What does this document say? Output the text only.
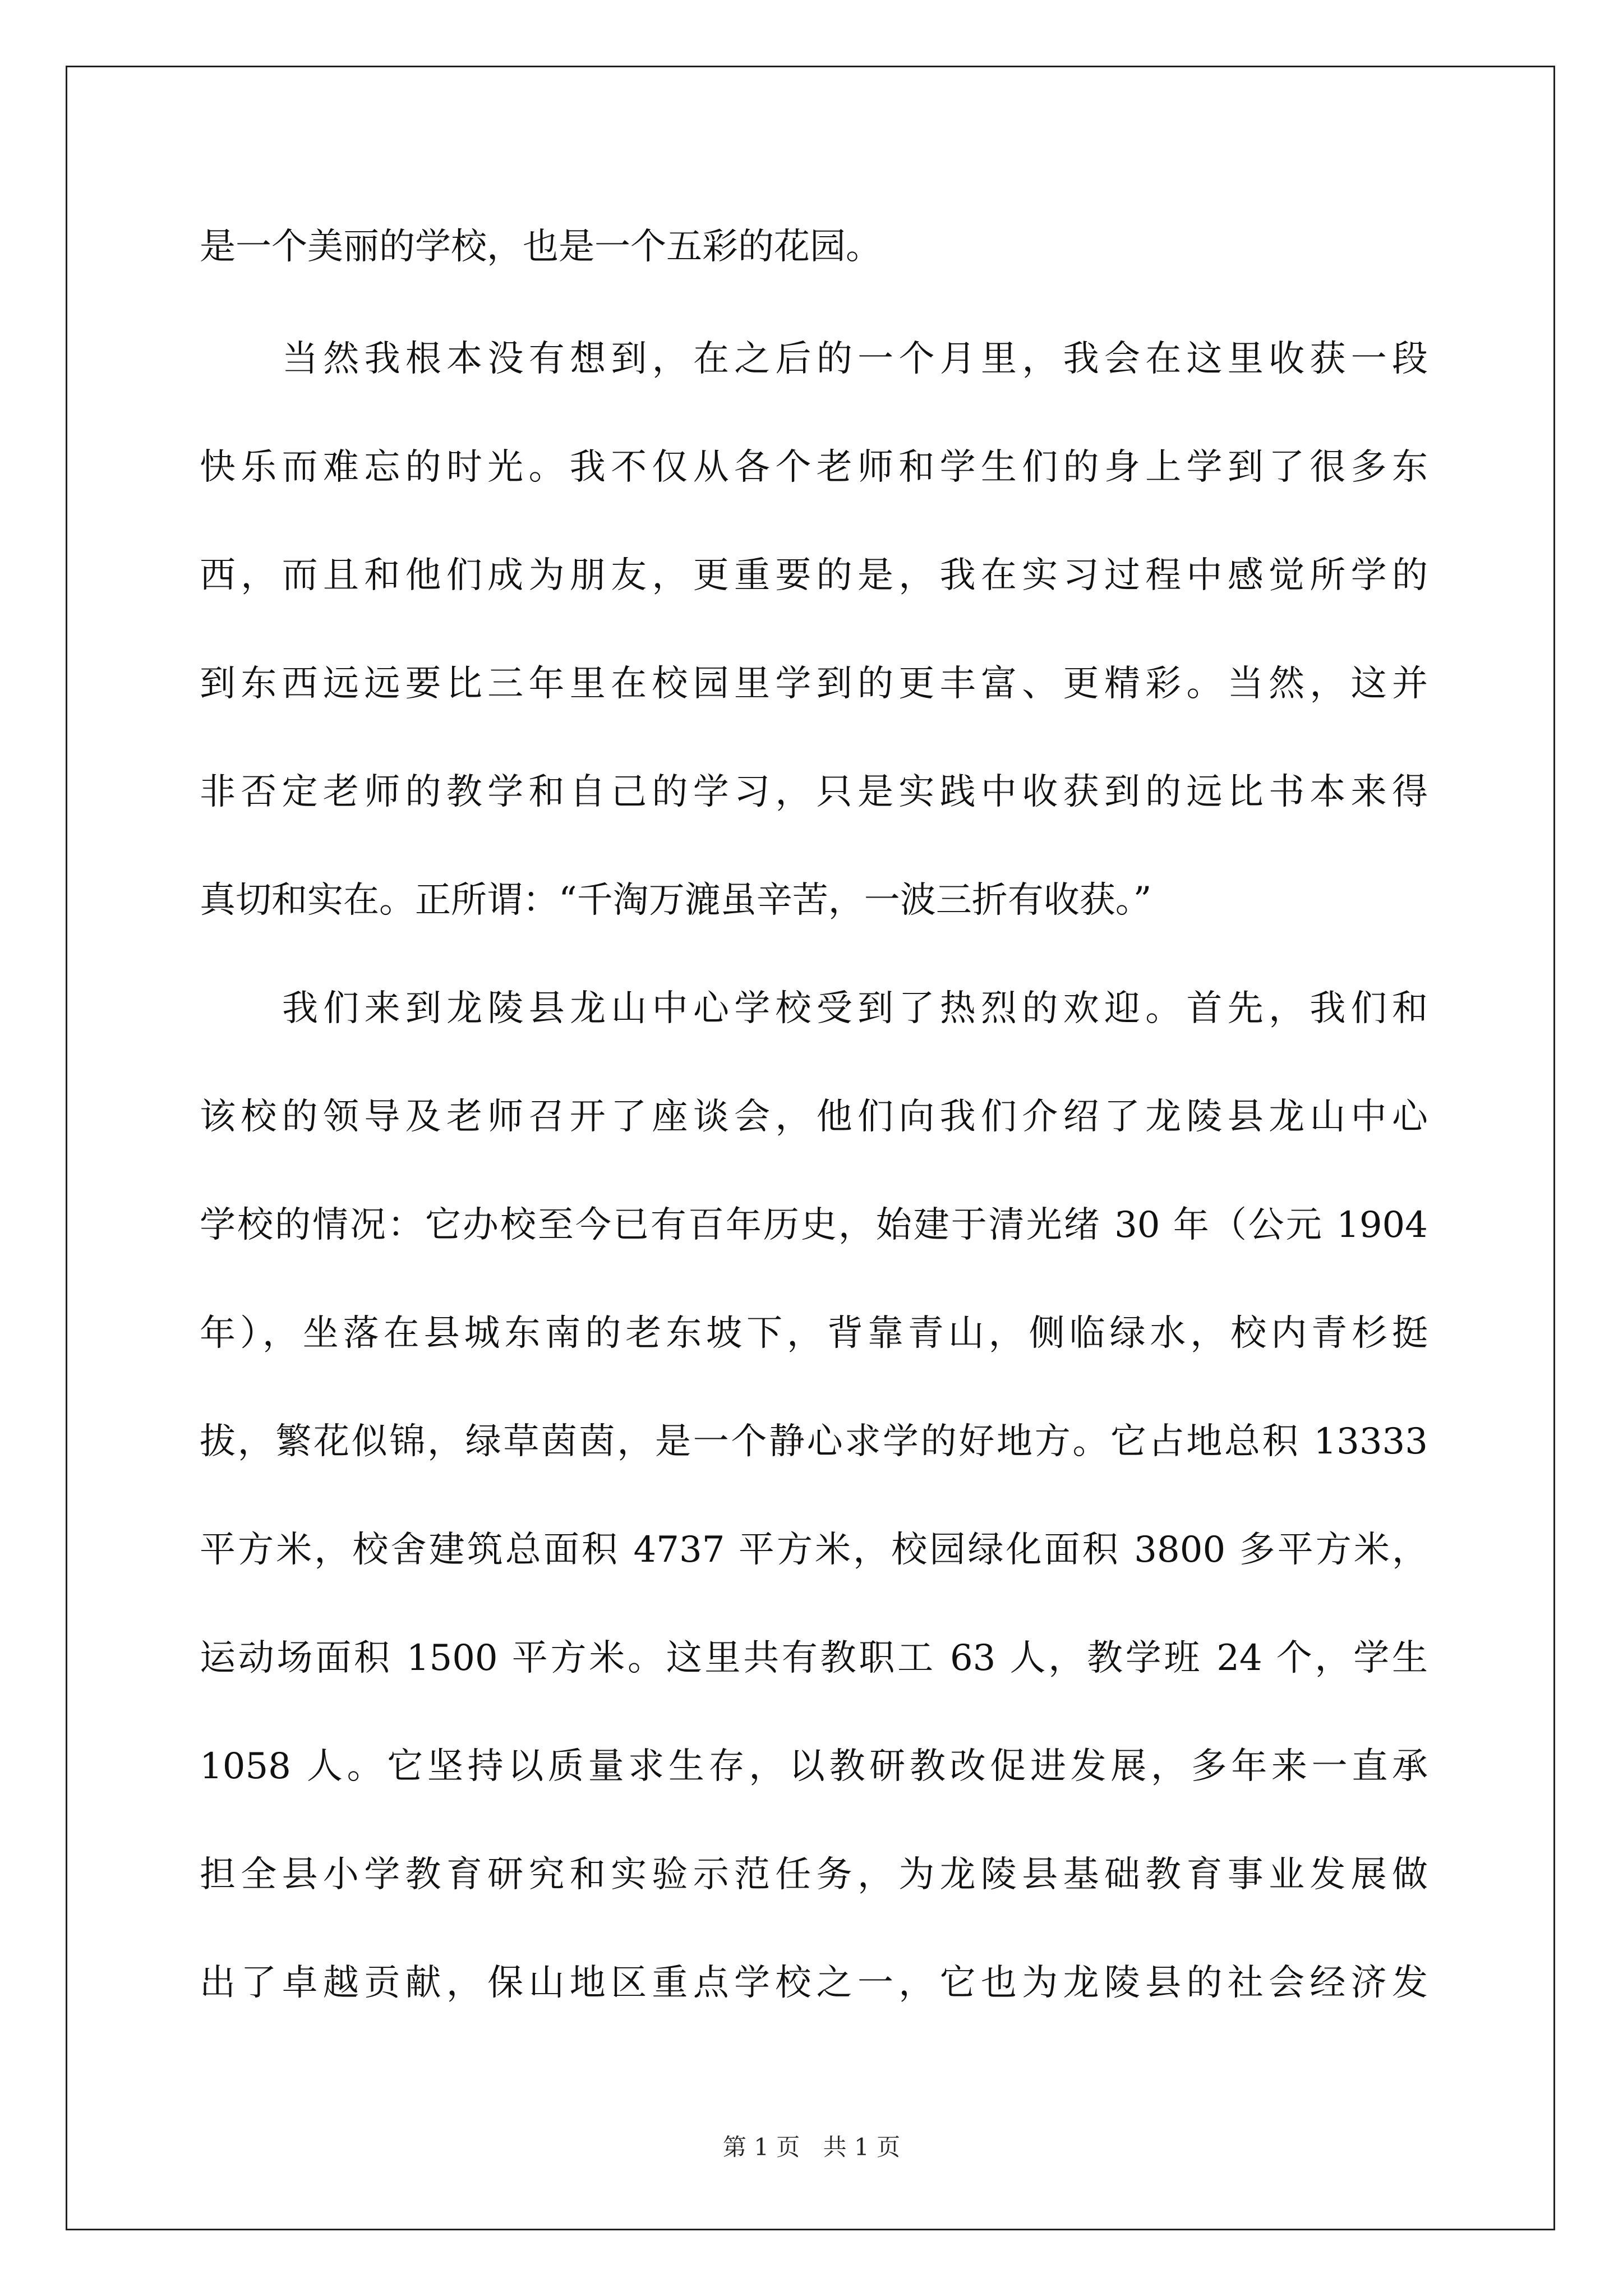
是一个美丽的学校，也是一个五彩的花园。
当然我根本没有想到，在之后的一个月里，我会在这里收获一段
快乐而难忘的时光。我不仅从各个老师和学生们的身上学到了很多东
西，而且和他们成为朋友，更重要的是，我在实习过程中感觉所学的
到东西远远要比三年里在校园里学到的更丰富、更精彩。当然，这并
非否定老师的教学和自己的学习，只是实践中收获到的远比书本来得
真切和实在。正所谓：“千淘万漉虽辛苦，一波三折有收获。”
我们来到龙陵县龙山中心学校受到了热烈的欢迎。首先，我们和
该校的领导及老师召开了座谈会，他们向我们介绍了龙陵县龙山中心
学校的情况：它办校至今已有百年历史，始建于清光绪 30 年（公元 1904
年），坐落在县城东南的老东坡下，背靠青山，侧临绿水，校内青杉挺
拔，繁花似锦，绿草茵茵，是一个静心求学的好地方。它占地总积 13333
平方米，校舍建筑总面积 4737 平方米，校园绿化面积 3800 多平方米，
运动场面积 1500 平方米。这里共有教职工 63 人，教学班 24 个，学生
1058 人。它坚持以质量求生存，以教研教改促进发展，多年来一直承
担全县小学教育研究和实验示范任务，为龙陵县基础教育事业发展做
出了卓越贡献，保山地区重点学校之一，它也为龙陵县的社会经济发
第 1 页 共 1 页
